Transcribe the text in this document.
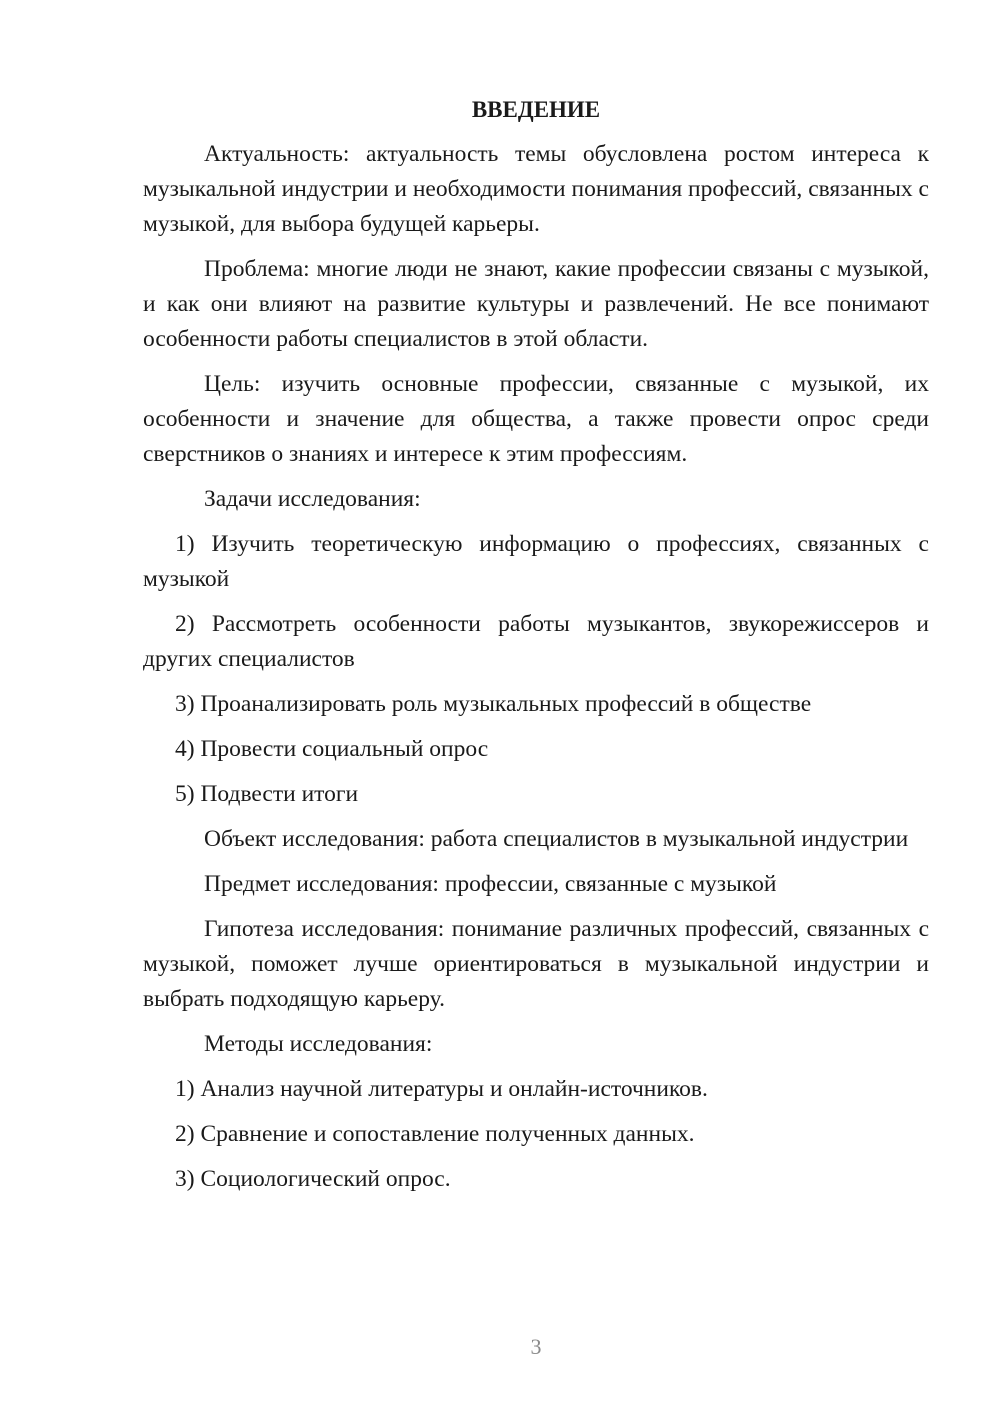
ВВЕДЕНИЕ
Актуальность: актуальность темы обусловлена ростом интереса к музыкальной индустрии и необходимости понимания профессий, связанных с музыкой, для выбора будущей карьеры.
Проблема: многие люди не знают, какие профессии связаны с музыкой, и как они влияют на развитие культуры и развлечений. Не все понимают особенности работы специалистов в этой области.
Цель: изучить основные профессии, связанные с музыкой, их особенности и значение для общества, а также провести опрос среди сверстников о знаниях и интересе к этим профессиям.
Задачи исследования:
1) Изучить теоретическую информацию о профессиях, связанных с музыкой
2) Рассмотреть особенности работы музыкантов, звукорежиссеров и других специалистов
3) Проанализировать роль музыкальных профессий в обществе
4) Провести социальный опрос
5) Подвести итоги
Объект исследования: работа специалистов в музыкальной индустрии
Предмет исследования: профессии, связанные с музыкой
Гипотеза исследования: понимание различных профессий, связанных с музыкой, поможет лучше ориентироваться в музыкальной индустрии и выбрать подходящую карьеру.
Методы исследования:
1) Анализ научной литературы и онлайн-источников.
2) Сравнение и сопоставление полученных данных.
3) Социологический опрос.
3
